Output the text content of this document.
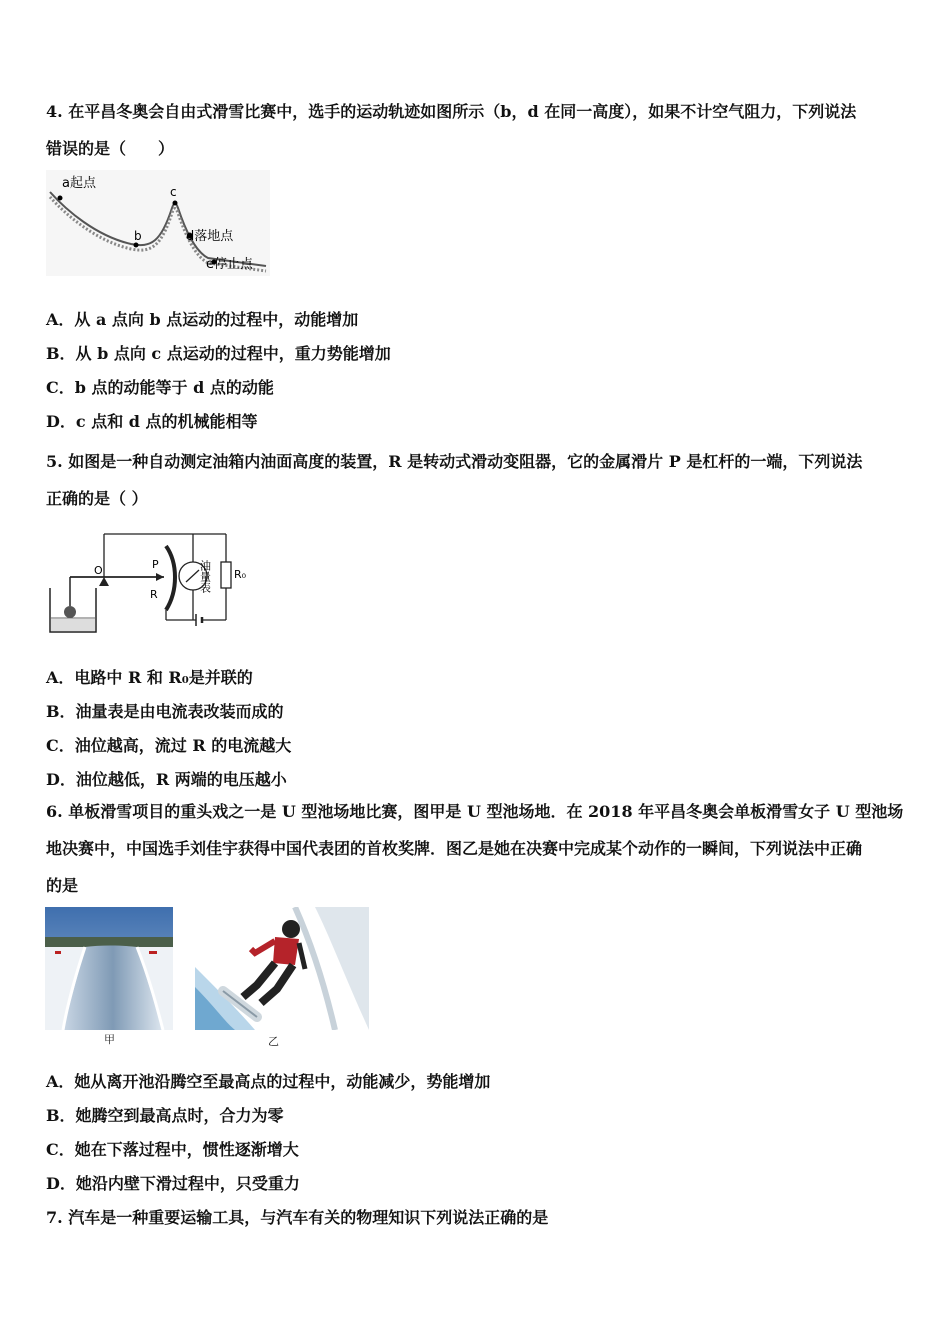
4. 在平昌冬奥会自由式滑雪比赛中，选手的运动轨迹如图所示（b，d 在同一高度），如果不计空气阻力，下列说法
错误的是（　　）
a起点
b
c
d落地点
e停止点
A．从 a 点向 b 点运动的过程中，动能增加
B．从 b 点向 c 点运动的过程中，重力势能增加
C．b 点的动能等于 d 点的动能
D．c 点和 d 点的机械能相等
5. 如图是一种自动测定油箱内油面高度的装置，R 是转动式滑动变阻器，它的金属滑片 P 是杠杆的一端，下列说法
正确的是（ ）
O	P
R
油量表 R₀
A．电路中 R 和 R₀是并联的
B．油量表是由电流表改装而成的
C．油位越高，流过 R 的电流越大
D．油位越低，R 两端的电压越小
6. 单板滑雪项目的重头戏之一是 U 型池场地比赛，图甲是 U 型池场地．在 2018 年平昌冬奥会单板滑雪女子 U 型池场
地决赛中，中国选手刘佳宇获得中国代表团的首枚奖牌．图乙是她在决赛中完成某个动作的一瞬间，下列说法中正确
的是
甲	乙
A．她从离开池沿腾空至最高点的过程中，动能减少，势能增加
B．她腾空到最高点时，合力为零
C．她在下落过程中，惯性逐渐增大
D．她沿内壁下滑过程中，只受重力
7. 汽车是一种重要运输工具，与汽车有关的物理知识下列说法正确的是
